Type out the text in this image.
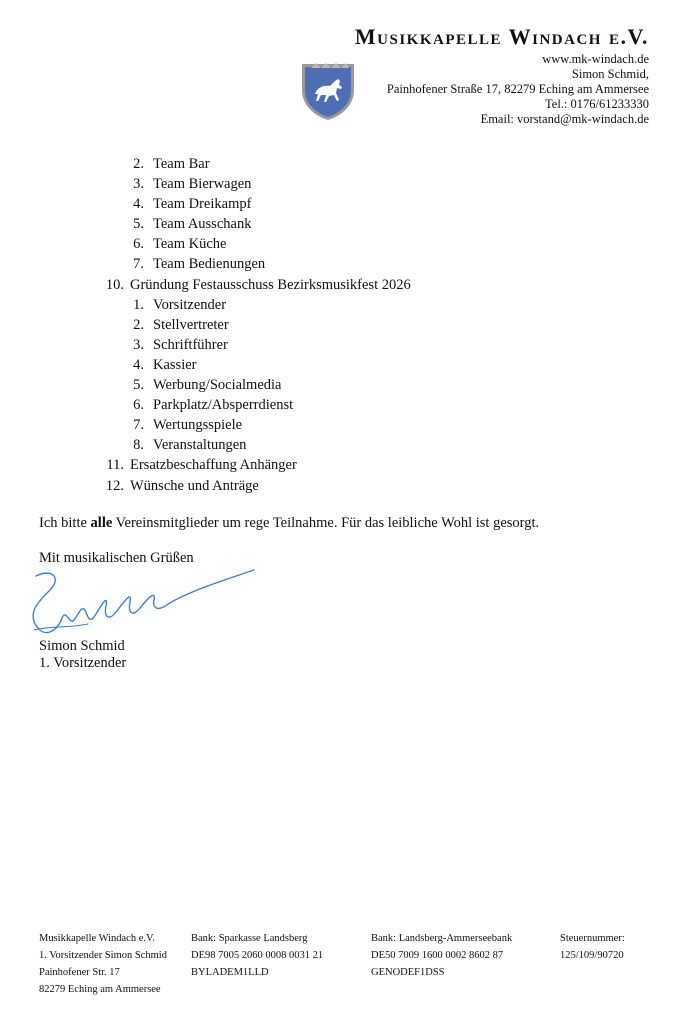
Musikkapelle Windach e.V.
www.mk-windach.de
Simon Schmid,
Painhofener Straße 17, 82279 Eching am Ammersee
Tel.: 0176/61233330
Email: vorstand@mk-windach.de
2. Team Bar
3. Team Bierwagen
4. Team Dreikampf
5. Team Ausschank
6. Team Küche
7. Team Bedienungen
10. Gründung Festausschuss Bezirksmusikfest 2026
1. Vorsitzender
2. Stellvertreter
3. Schriftführer
4. Kassier
5. Werbung/Socialmedia
6. Parkplatz/Absperrdienst
7. Wertungsspiele
8. Veranstaltungen
11. Ersatzbeschaffung Anhänger
12. Wünsche und Anträge
Ich bitte alle Vereinsmitglieder um rege Teilnahme. Für das leibliche Wohl ist gesorgt.
Mit musikalischen Grüßen
Simon Schmid
1. Vorsitzender
Musikkapelle Windach e.V.
1. Vorsitzender Simon Schmid
Painhofener Str. 17
82279 Eching am Ammersee
Bank: Sparkasse Landsberg
DE98 7005 2060 0008 0031 21
BYLADEM1LLD
Bank: Landsberg-Ammerseebank
DE50 7009 1600 0002 8602 87
GENODEF1DSS
Steuernummer:
125/109/90720
